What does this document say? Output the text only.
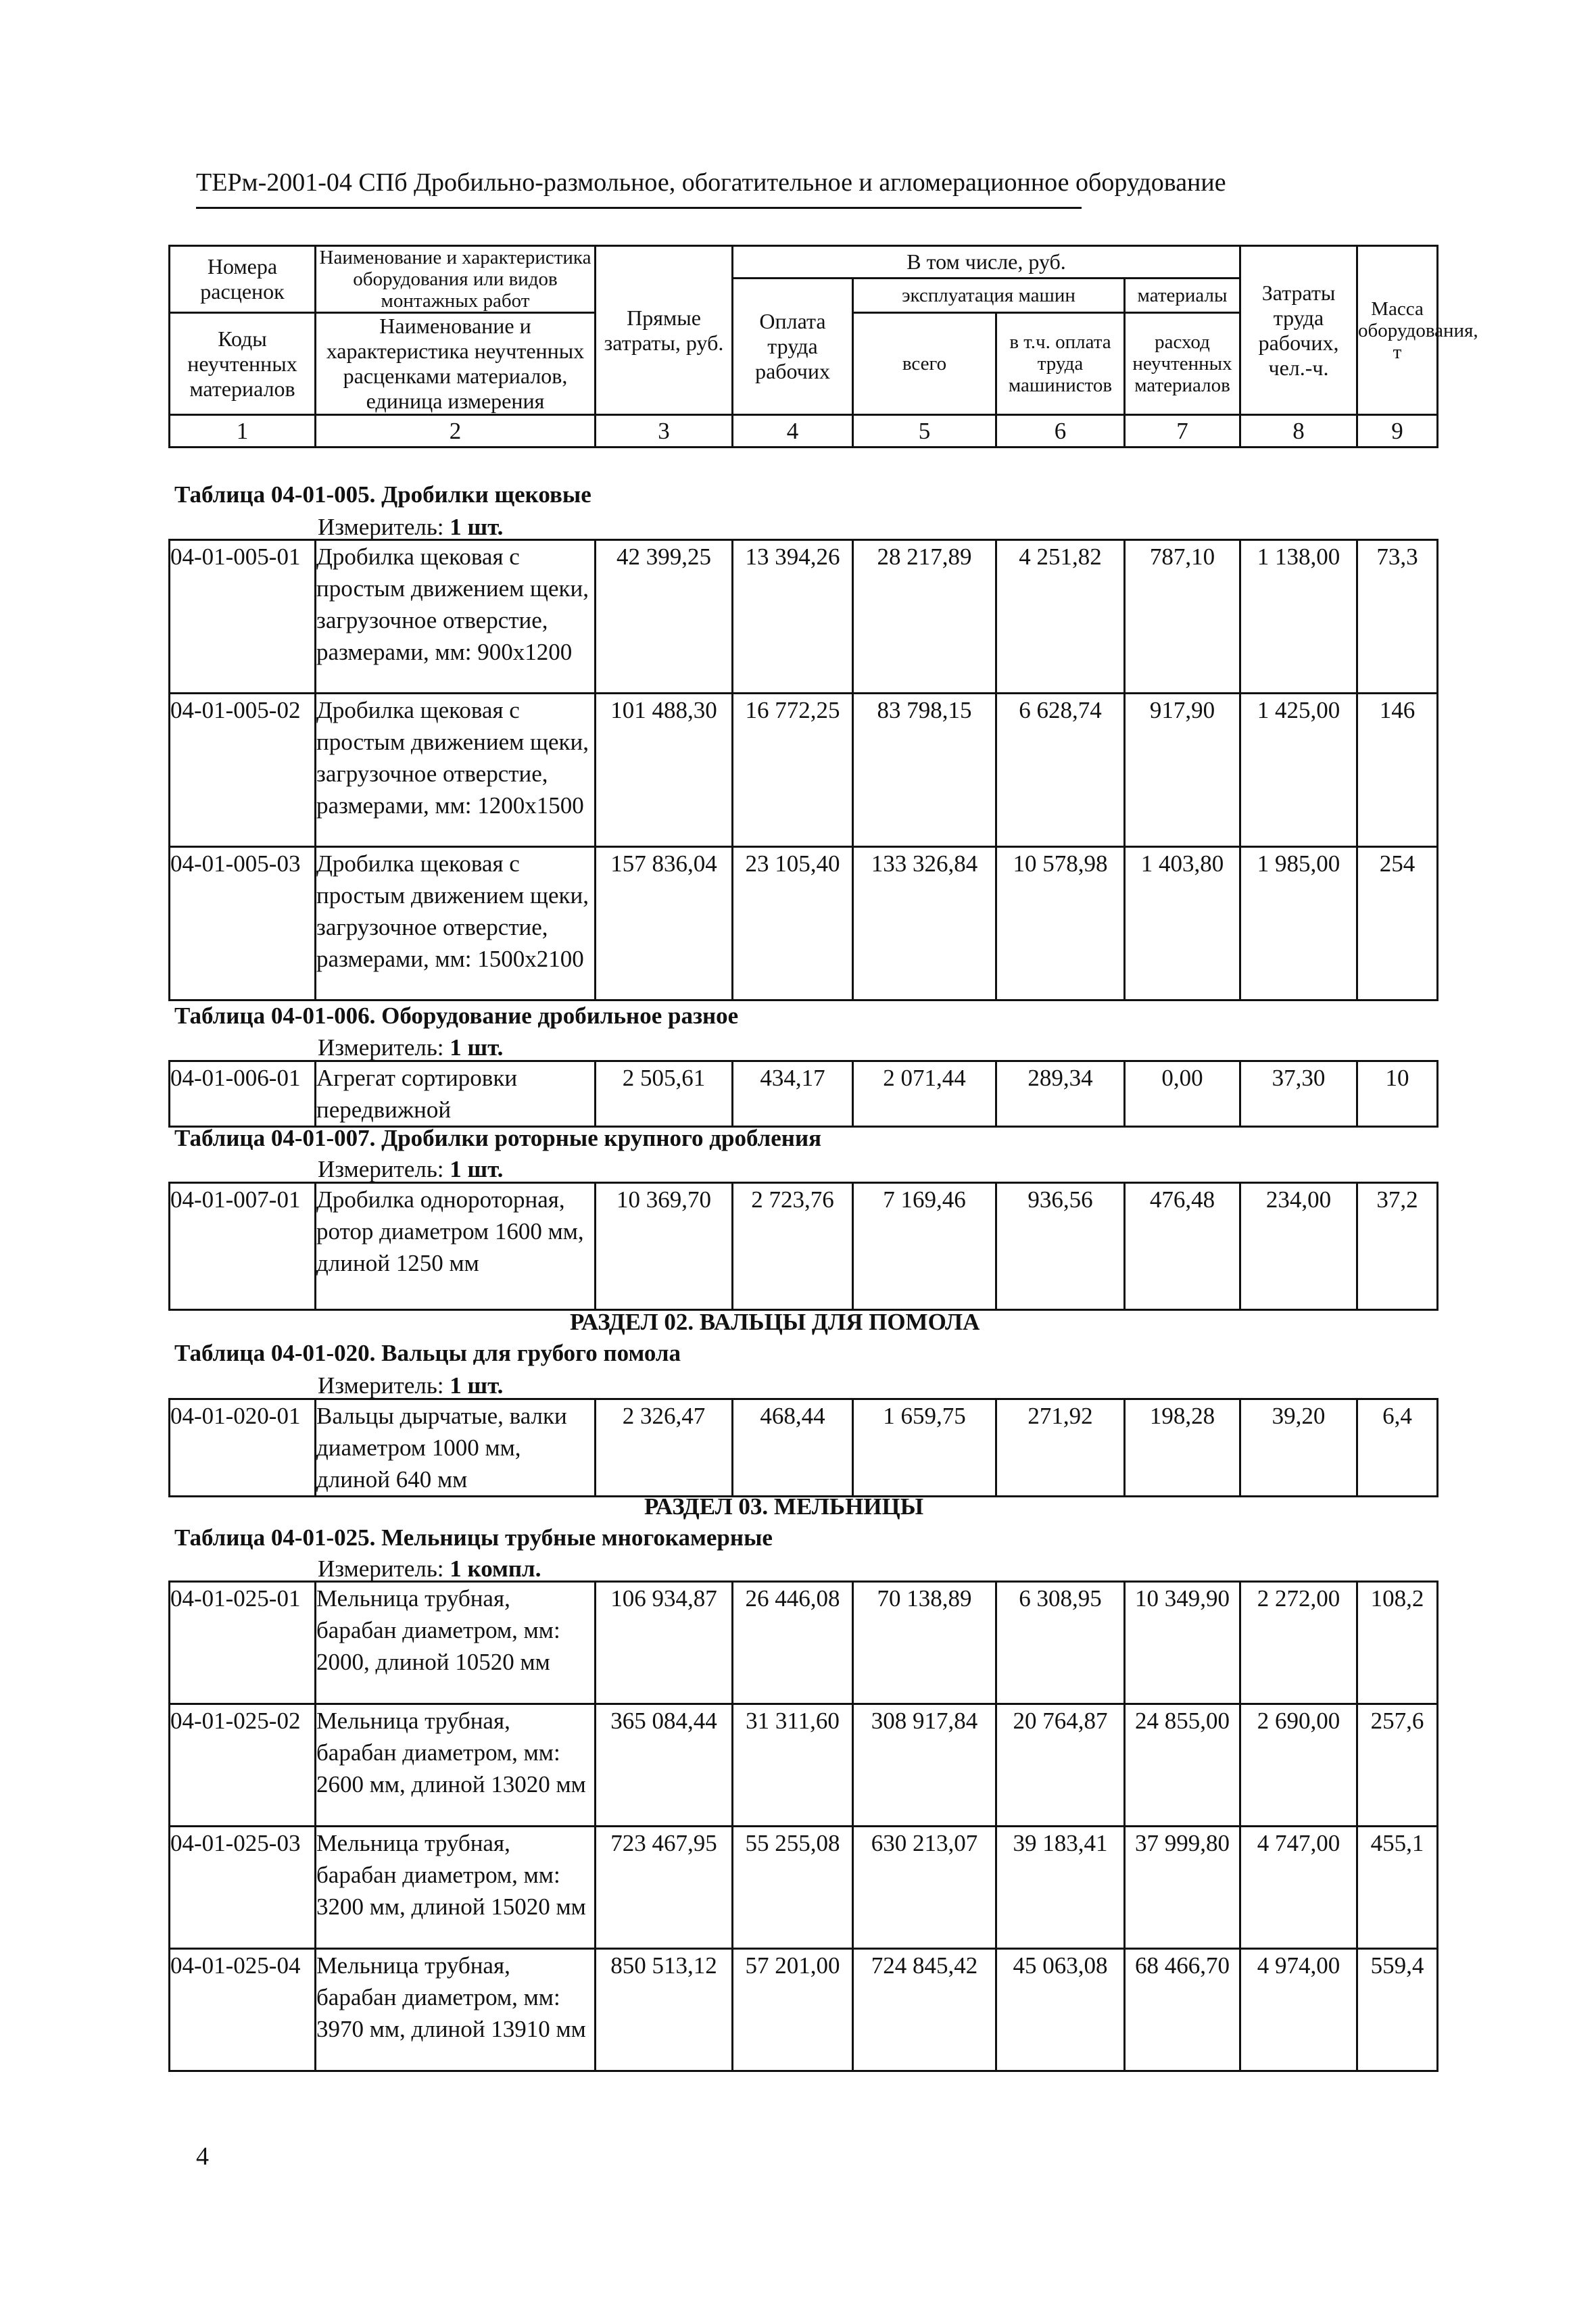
ТЕРм-2001-04 СПб Дробильно-размольное, обогатительное и агломерационное оборудование
Номера расценок	Наименование и характеристика оборудования или видов монтажных работ	Прямые затраты, руб.	В том числе, руб.				Затраты труда рабочих, чел.-ч.	Масса оборудования, т
			Оплата труда рабочих	эксплуатация машин		материалы		
Коды неучтенных материалов	Наименование и характеристика неучтенных расценками материалов, единица измерения			всего	в т.ч. оплата труда машинистов	расход неучтенных материалов		

1	2	3	4	5	6	7	8	9
Таблица 04-01-005. Дробилки щековые
Измеритель: 1 шт.
04-01-005-01	Дробилка щековая с простым движением щеки, загрузочное отверстие, размерами, мм: 900х1200	42 399,25	13 394,26	28 217,89	4 251,82	787,10	1 138,00	73,3
04-01-005-02	Дробилка щековая с простым движением щеки, загрузочное отверстие, размерами, мм: 1200х1500	101 488,30	16 772,25	83 798,15	6 628,74	917,90	1 425,00	146
04-01-005-03	Дробилка щековая с простым движением щеки, загрузочное отверстие, размерами, мм: 1500х2100	157 836,04	23 105,40	133 326,84	10 578,98	1 403,80	1 985,00	254
Таблица 04-01-006. Оборудование дробильное разное
Измеритель: 1 шт.
04-01-006-01	Агрегат сортировки передвижной	2 505,61	434,17	2 071,44	289,34	0,00	37,30	10
Таблица 04-01-007. Дробилки роторные крупного дробления
Измеритель: 1 шт.
04-01-007-01	Дробилка однороторная, ротор диаметром 1600 мм, длиной 1250 мм	10 369,70	2 723,76	7 169,46	936,56	476,48	234,00	37,2
РАЗДЕЛ 02. ВАЛЬЦЫ ДЛЯ ПОМОЛА
Таблица 04-01-020. Вальцы для грубого помола
Измеритель: 1 шт.
04-01-020-01	Вальцы дырчатые, валки диаметром 1000 мм, длиной 640 мм	2 326,47	468,44	1 659,75	271,92	198,28	39,20	6,4
РАЗДЕЛ 03. МЕЛЬНИЦЫ
Таблица 04-01-025. Мельницы трубные многокамерные
Измеритель: 1 компл.
04-01-025-01	Мельница трубная, барабан диаметром, мм: 2000, длиной 10520 мм	106 934,87	26 446,08	70 138,89	6 308,95	10 349,90	2 272,00	108,2
04-01-025-02	Мельница трубная, барабан диаметром, мм: 2600 мм, длиной 13020 мм	365 084,44	31 311,60	308 917,84	20 764,87	24 855,00	2 690,00	257,6
04-01-025-03	Мельница трубная, барабан диаметром, мм: 3200 мм, длиной 15020 мм	723 467,95	55 255,08	630 213,07	39 183,41	37 999,80	4 747,00	455,1
04-01-025-04	Мельница трубная, барабан диаметром, мм: 3970 мм, длиной 13910 мм	850 513,12	57 201,00	724 845,42	45 063,08	68 466,70	4 974,00	559,4
4
